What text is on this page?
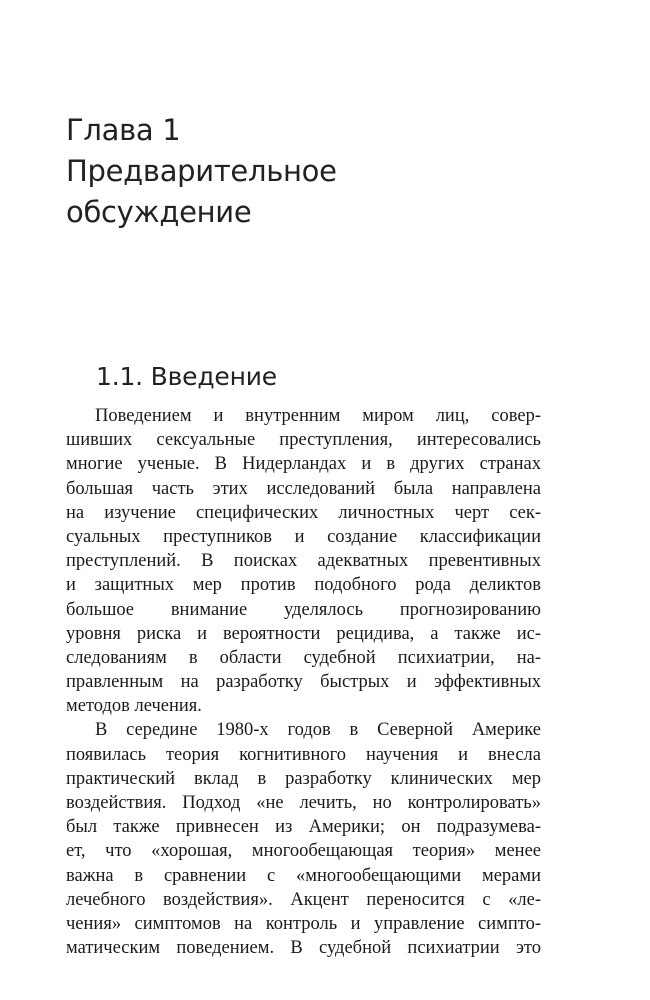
Глава 1
Предварительное
обсуждение
1.1. Введение
Поведением и внутренним миром лиц, совер-
шивших сексуальные преступления, интересовались
многие ученые. В Нидерландах и в других странах
большая часть этих исследований была направлена
на изучение специфических личностных черт сек-
суальных преступников и создание классификации
преступлений. В поисках адекватных превентивных
и защитных мер против подобного рода деликтов
большое внимание уделялось прогнозированию
уровня риска и вероятности рецидива, а также ис-
следованиям в области судебной психиатрии, на-
правленным на разработку быстрых и эффективных
методов лечения.
В середине 1980-х годов в Северной Америке
появилась теория когнитивного научения и внесла
практический вклад в разработку клинических мер
воздействия. Подход «не лечить, но контролировать»
был также привнесен из Америки; он подразумева-
ет, что «хорошая, многообещающая теория» менее
важна в сравнении с «многообещающими мерами
лечебного воздействия». Акцент переносится с «ле-
чения» симптомов на контроль и управление симпто-
матическим поведением. В судебной психиатрии это
